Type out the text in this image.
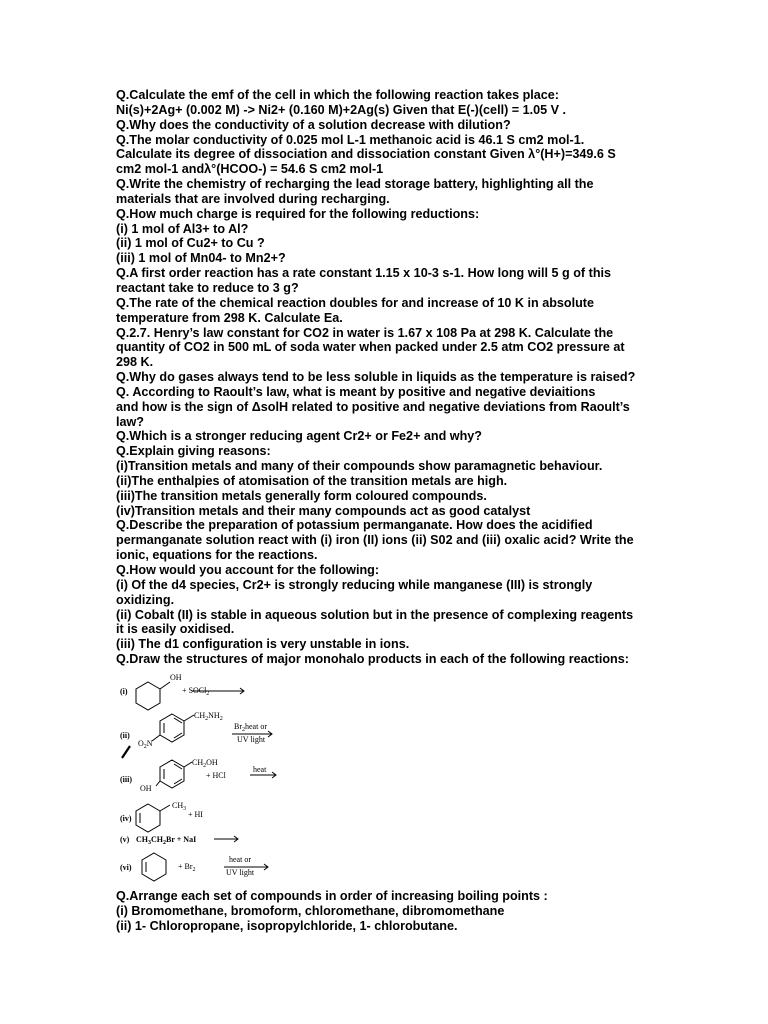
Q.Calculate the emf of the cell in which the following reaction takes place:
Ni(s)+2Ag+ (0.002 M) -> Ni2+ (0.160 M)+2Ag(s) Given that E(-)(cell) = 1.05 V .
Q.Why does the conductivity of a solution decrease with dilution?
Q.The molar conductivity of 0.025 mol L-1 methanoic acid is 46.1 S cm2 mol-1.
Calculate its degree of dissociation and dissociation constant Given λ°(H+)=349.6 S
cm2 mol-1 andλ°(HCOO-) = 54.6 S cm2 mol-1
Q.Write the chemistry of recharging the lead storage battery, highlighting all the
materials that are involved during recharging.
Q.How much charge is required for the following reductions:
(i) 1 mol of Al3+ to Al?
(ii) 1 mol of Cu2+ to Cu ?
(iii) 1 mol of Mn04- to Mn2+?
Q.A first order reaction has a rate constant 1.15 x 10-3 s-1. How long will 5 g of this
reactant take to reduce to 3 g?
Q.The rate of the chemical reaction doubles for and increase of 10 K in absolute
temperature from 298 K. Calculate Ea.
Q.2.7. Henry’s law constant for CO2 in water is 1.67 x 108 Pa at 298 K. Calculate the
quantity of CO2 in 500 mL of soda water when packed under 2.5 atm CO2 pressure at
298 K.
Q.Why do gases always tend to be less soluble in liquids as the temperature is raised?
Q. According to Raoult’s law, what is meant by positive and negative deviaitions
and how is the sign of ΔsolH related to positive and negative deviations from Raoult’s
law?
Q.Which is a stronger reducing agent Cr2+ or Fe2+ and why?
Q.Explain giving reasons:
(i)Transition metals and many of their compounds show paramagnetic behaviour.
(ii)The enthalpies of atomisation of the transition metals are high.
(iii)The transition metals generally form coloured compounds.
(iv)Transition metals and their many compounds act as good catalyst
Q.Describe the preparation of potassium permanganate. How does the acidified
permanganate solution react with (i) iron (II) ions (ii) S02 and (iii) oxalic acid? Write the
ionic, equations for the reactions.
Q.How would you account for the following:
(i) Of the d4 species, Cr2+ is strongly reducing while manganese (III) is strongly
oxidizing.
(ii) Cobalt (II) is stable in aqueous solution but in the presence of complexing reagents
it is easily oxidised.
(iii) The d1 configuration is very unstable in ions.
Q.Draw the structures of major monohalo products in each of the following reactions:
(i)
OH
+ SOCl$_2$
(ii)
$CH_2NH_2$
$O_2N$
$Br_2heat$ or
UV light
(iii)
$CH_2OH$
OH
+ HCl
heat
(iv)
$CH_3$
+ HI
(v) $CH_3CH_2Br$ + NaI
(vi)	+ $Br_2$
heat or
UV light
Q.Arrange each set of compounds in order of increasing boiling points :
(i) Bromomethane, bromoform, chloromethane, dibromomethane
(ii) 1- Chloropropane, isopropylchloride, 1- chlorobutane.
